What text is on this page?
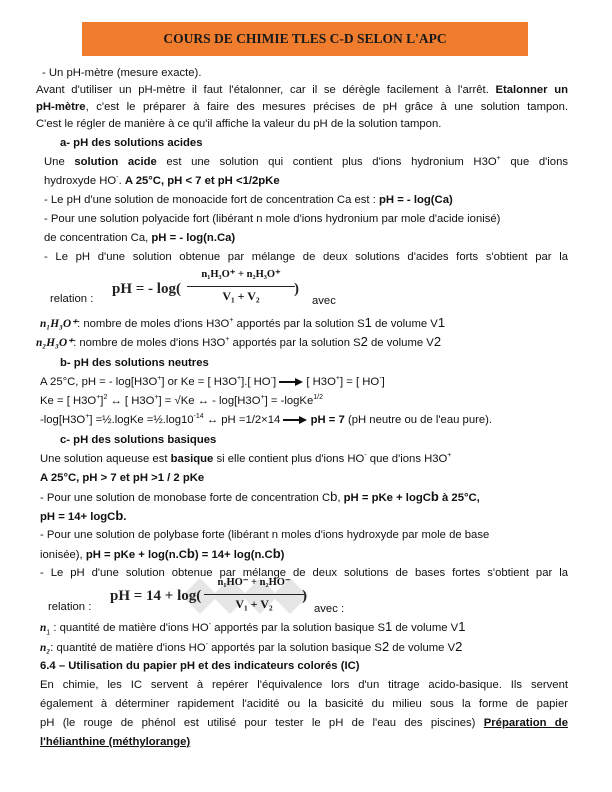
COURS DE CHIMIE TLES C-D SELON L'APC
- Un pH-mètre (mesure exacte).
Avant d'utiliser un pH-mètre il faut l'étalonner, car il se dérègle facilement à l'arrêt. Etalonner un
pH-mètre, c'est le préparer à faire des mesures précises de pH grâce à une solution tampon.
C'est le régler de manière à ce qu'il affiche la valeur du pH de la solution tampon.
a- pH des solutions acides
Une solution acide est une solution qui contient plus d'ions hydronium H3O+ que d'ions
hydroxyde HO-. A 25°C, pH < 7 et pH <1/2pKe
- Le pH d'une solution de monoacide fort de concentration Ca est : pH = - log(Ca)
- Pour une solution polyacide fort (libérant n mole d'ions hydronium par mole d'acide ionisé)
de concentration Ca, pH = - log(n.Ca)
- Le pH d'une solution obtenue par mélange de deux solutions d'acides forts s'obtient par la
relation :
pH = - log(
n₁H₃O⁺ + n₂H₃O⁺
V₁ + V₂	)
avec
n₁H₃O⁺: nombre de moles d'ions H3O+ apportés par la solution S1 de volume V1
n₂H₃O⁺: nombre de moles d'ions H3O+ apportés par la solution S2 de volume V2
b- pH des solutions neutres
A 25°C, pH = - log[H3O+] or Ke = [ H3O+].[ HO-]  [ H3O+] = [ HO-]
Ke = [ H3O+]$^2$ ↔ [ H3O+] = √Ke ↔ - log[H3O+] = -logKe$^{1/2}$
-log[H3O+] =½.logKe $=\frac{1}{2}.\log 10^{-14}$ ↔ pH =1/2×14  pH = 7 (pH neutre ou de l'eau pure).
c- pH des solutions basiques
Une solution aqueuse est basique si elle contient plus d'ions HO- que d'ions H3O+
A 25°C, pH > 7 et pH >1 / 2 pKe
- Pour une solution de monobase forte de concentration Cb, pH = pKe + logCb à 25°C,
pH = 14+ logCb.
- Pour une solution de polybase forte (libérant n moles d'ions hydroxyde par mole de base
ionisée), pH = pKe + log(n.Cb) = 14+ log(n.Cb)
- Le pH d'une solution obtenue par mélange de deux solutions de bases fortes s'obtient par la
relation :
pH = 14 + log(
n₁HO⁻ + n₂HO⁻
V₁ + V₂	)
avec :
$n_1$ : quantité de matière d'ions HO- apportés par la solution basique S1 de volume V1
n₂: quantité de matière d'ions HO- apportés par la solution basique S2 de volume V2
6.4 – Utilisation du papier pH et des indicateurs colorés (IC)
En chimie, les IC servent à repérer l'équivalence lors d'un titrage acido-basique. Ils servent
également à déterminer rapidement l'acidité ou la basicité du milieu sous la forme de papier
pH (le rouge de phénol est utilisé pour tester le pH de l'eau des piscines) Préparation de
l'hélianthine (méthylorange)
